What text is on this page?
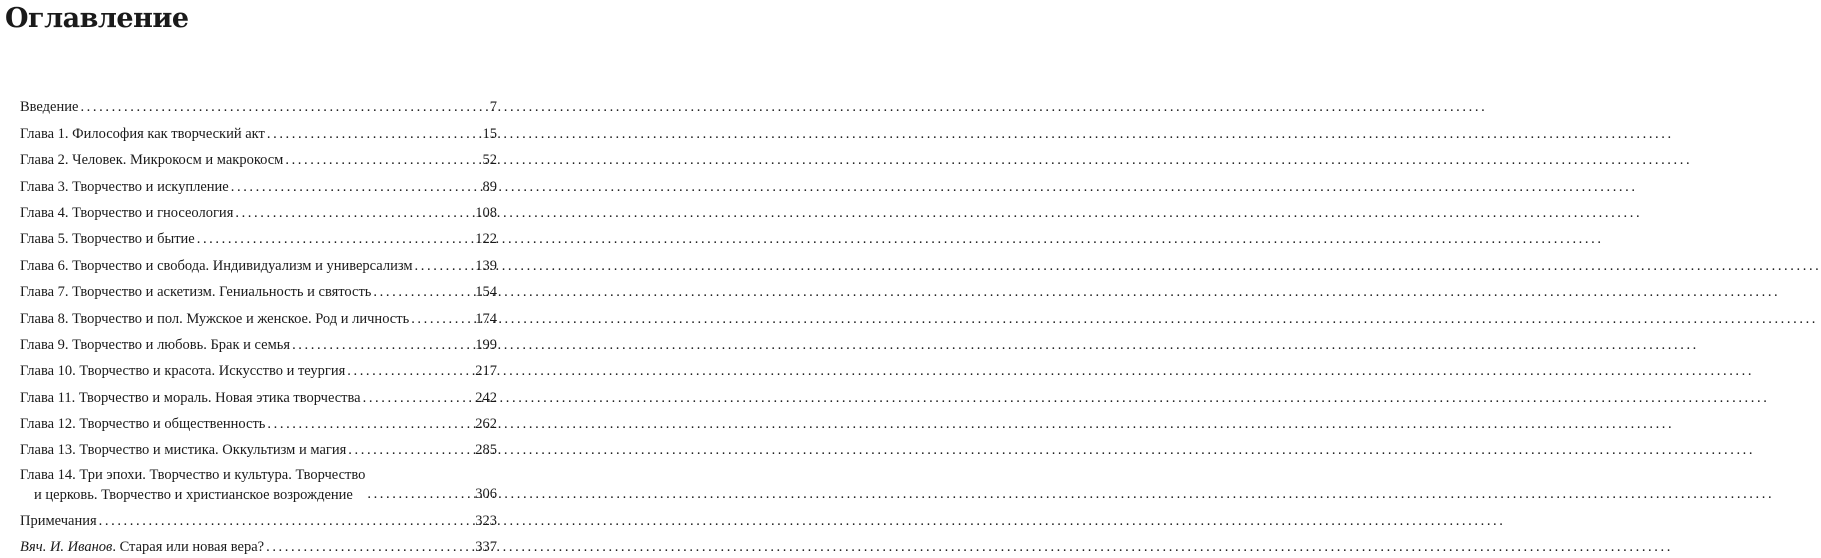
Оглавление
Введение .....	7
Глава 1. Философия как творческий акт .....	15
Глава 2. Человек. Микрокосм и макрокосм .....	52
Глава 3. Творчество и искупление .....	89
Глава 4. Творчество и гносеология .....	108
Глава 5. Творчество и бытие .....	122
Глава 6. Творчество и свобода. Индивидуализм и универсализм .....	139
Глава 7. Творчество и аскетизм. Гениальность и святость .....	154
Глава 8. Творчество и пол. Мужское и женское. Род и личность .....	174
Глава 9. Творчество и любовь. Брак и семья .....	199
Глава 10. Творчество и красота. Искусство и теургия .....	217
Глава 11. Творчество и мораль. Новая этика творчества .....	242
Глава 12. Творчество и общественность .....	262
Глава 13. Творчество и мистика. Оккультизм и магия .....	285
Глава 14. Три эпохи. Творчество и культура. Творчество
и церковь. Творчество и христианское возрождение .....	306
Примечания .....	323
Вяч. И. Иванов. Старая или новая вера? .....	337
